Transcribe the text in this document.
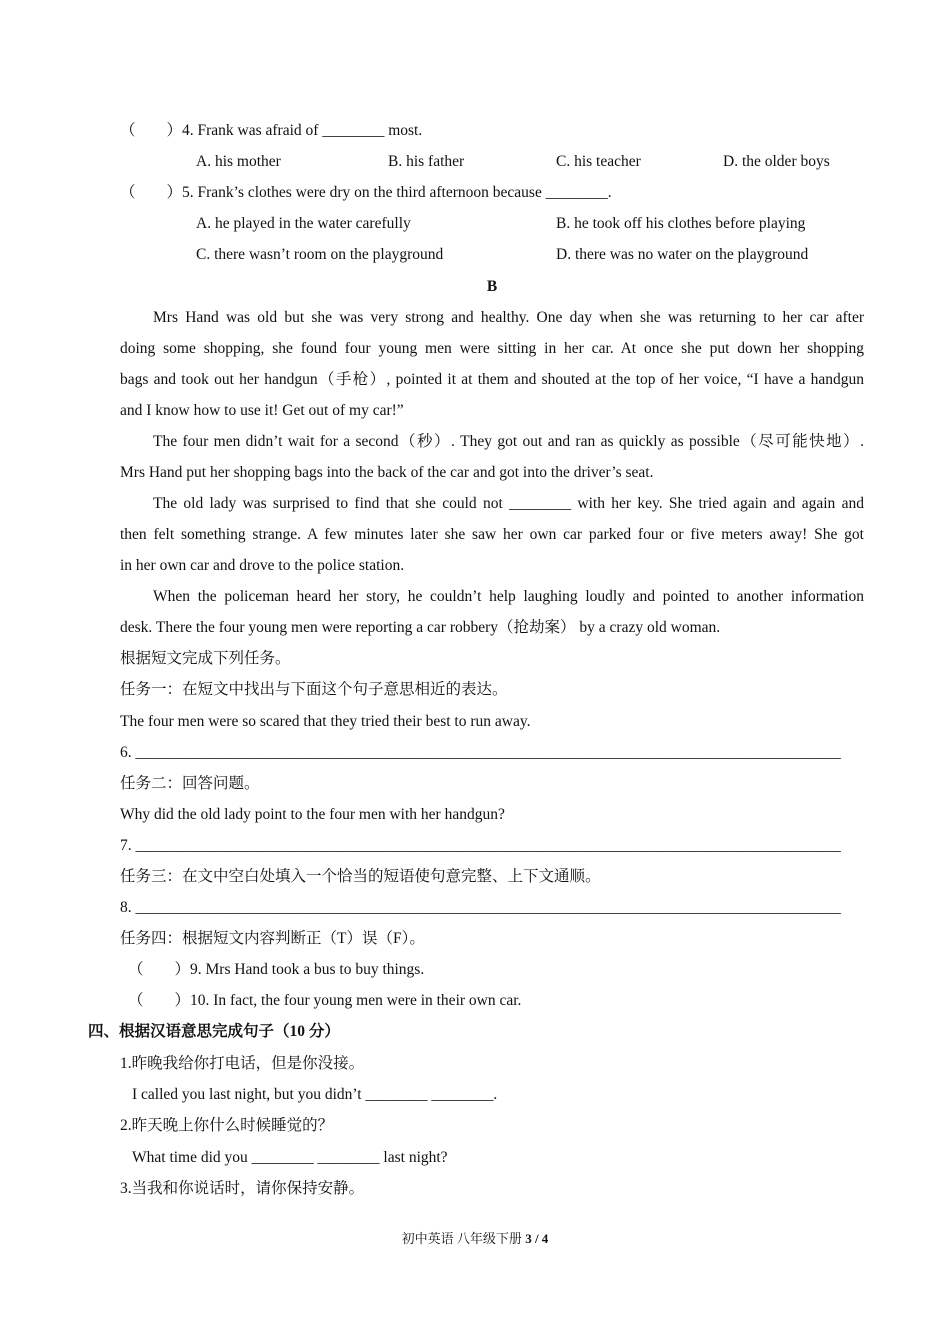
（　　）4. Frank was afraid of ________ most.
A. his mother	B. his father	C. his teacher	D. the older boys
（　　）5. Frank’s clothes were dry on the third afternoon because ________.
A. he played in the water carefully	B. he took off his clothes before playing
C. there wasn’t room on the playground	D. there was no water on the playground
B
Mrs Hand was old but she was very strong and healthy. One day when she was returning to her car after
doing some shopping, she found four young men were sitting in her car. At once she put down her shopping
bags and took out her handgun（手枪）, pointed it at them and shouted at the top of her voice, “I have a handgun
and I know how to use it! Get out of my car!”
The four men didn’t wait for a second（秒）. They got out and ran as quickly as possible（尽可能快地）.
Mrs Hand put her shopping bags into the back of the car and got into the driver’s seat.
The old lady was surprised to find that she could not ________ with her key. She tried again and again and
then felt something strange. A few minutes later she saw her own car parked four or five meters away! She got
in her own car and drove to the police station.
When the policeman heard her story, he couldn’t help laughing loudly and pointed to another information
desk. There the four young men were reporting a car robbery（抢劫案） by a crazy old woman.
根据短文完成下列任务。
任务一：在短文中找出与下面这个句子意思相近的表达。
The four men were so scared that they tried their best to run away.
6. ___________________________________________________________________________________________
任务二：回答问题。
Why did the old lady point to the four men with her handgun?
7. ___________________________________________________________________________________________
任务三：在文中空白处填入一个恰当的短语使句意完整、上下文通顺。
8. ___________________________________________________________________________________________
任务四：根据短文内容判断正（T）误（F）。
（　　）9. Mrs Hand took a bus to buy things.
（　　）10. In fact, the four young men were in their own car.
四、根据汉语意思完成句子（10 分）
1.昨晚我给你打电话，但是你没接。
I called you last night, but you didn’t ________ ________.
2.昨天晚上你什么时候睡觉的？
What time did you ________ ________ last night?
3.当我和你说话时，请你保持安静。
初中英语 八年级下册 3 / 4
